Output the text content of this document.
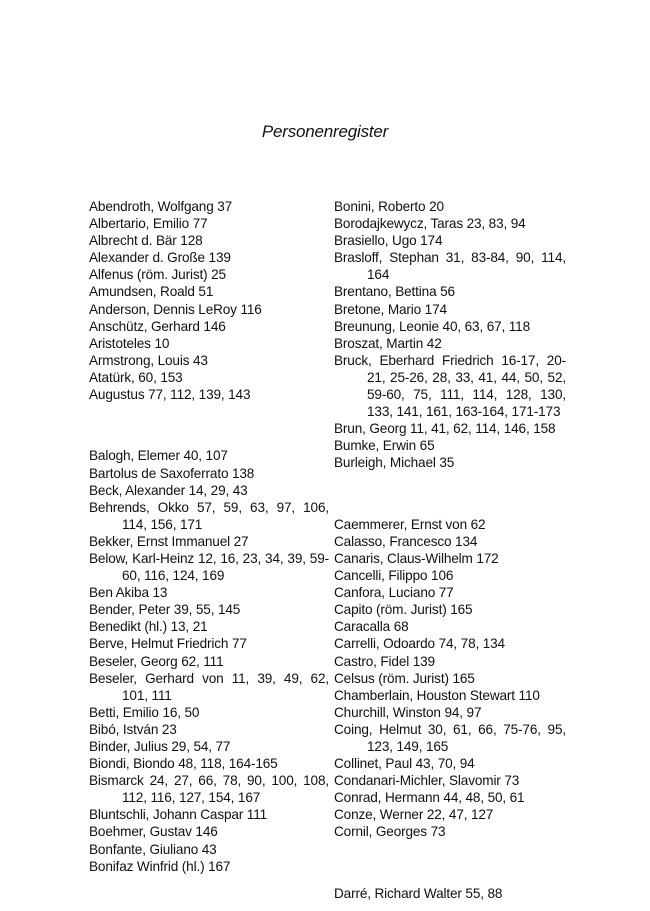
Personenregister

Abendroth, Wolfgang 37

Albertario, Emilio 77

Albrecht d. Bär 128

Alexander d. Große 139

Alfenus (röm. Jurist) 25

Amundsen, Roald 51

Anderson, Dennis LeRoy 116

Anschütz, Gerhard 146

Aristoteles 10

Armstrong, Louis 43

Atatürk, 60, 153

Augustus 77, 112, 139, 143

Balogh, Elemer 40, 107

Bartolus de Saxoferrato 138

Beck, Alexander 14, 29, 43

Behrends, Okko 57, 59, 63, 97, 106, 114, 156, 171

Bekker, Ernst Immanuel 27

Below, Karl-Heinz 12, 16, 23, 34, 39, 59-60, 116, 124, 169

Ben Akiba 13

Bender, Peter 39, 55, 145

Benedikt (hl.) 13, 21

Berve, Helmut Friedrich 77

Beseler, Georg 62, 111

Beseler, Gerhard von 11, 39, 49, 62, 101, 111

Betti, Emilio 16, 50

Bibó, István 23

Binder, Julius 29, 54, 77

Biondi, Biondo 48, 118, 164-165

Bismarck 24, 27, 66, 78, 90, 100, 108, 112, 116, 127, 154, 167

Bluntschli, Johann Caspar 111

Boehmer, Gustav 146

Bonfante, Giuliano 43

Bonifaz Winfrid (hl.) 167

Bonini, Roberto 20

Borodajkewycz, Taras 23, 83, 94

Brasiello, Ugo 174

Brasloff, Stephan 31, 83-84, 90, 114, 164

Brentano, Bettina 56

Bretone, Mario 174

Breunung, Leonie 40, 63, 67, 118

Broszat, Martin 42

Bruck, Eberhard Friedrich 16-17, 20-21, 25-26, 28, 33, 41, 44, 50, 52, 59-60, 75, 111, 114, 128, 130, 133, 141, 161, 163-164, 171-173

Brun, Georg 11, 41, 62, 114, 146, 158

Bumke, Erwin 65

Burleigh, Michael 35

Caemmerer, Ernst von 62

Calasso, Francesco 134

Canaris, Claus-Wilhelm 172

Cancelli, Filippo 106

Canfora, Luciano 77

Capito (röm. Jurist) 165

Caracalla 68

Carrelli, Odoardo 74, 78, 134

Castro, Fidel 139

Celsus (röm. Jurist) 165

Chamberlain, Houston Stewart 110

Churchill, Winston 94, 97

Coing, Helmut 30, 61, 66, 75-76, 95, 123, 149, 165

Collinet, Paul 43, 70, 94

Condanari-Michler, Slavomir 73

Conrad, Hermann 44, 48, 50, 61

Conze, Werner 22, 47, 127

Cornil, Georges 73

Darré, Richard Walter 55, 88
